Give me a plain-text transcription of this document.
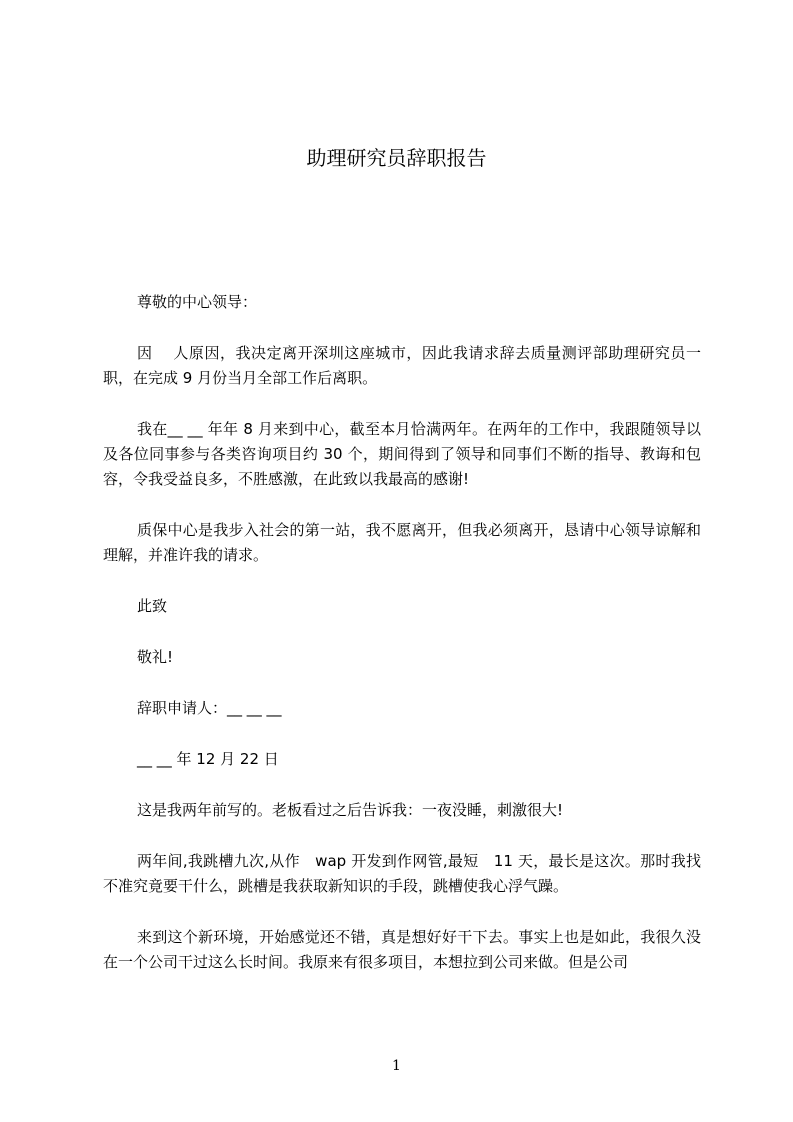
助理研究员辞职报告

尊敬的中心领导：

因　 人原因，我决定离开深圳这座城市，因此我请求辞去质量测评部助理研究员一职，在完成 9 月份当月全部工作后离职。

我在__ __ 年年 8 月来到中心，截至本月恰满两年。在两年的工作中，我跟随领导以及各位同事参与各类咨询项目约 30 个，期间得到了领导和同事们不断的指导、教诲和包容，令我受益良多，不胜感激，在此致以我最高的感谢!

质保中心是我步入社会的第一站，我不愿离开，但我必须离开，恳请中心领导谅解和理解，并准许我的请求。

此致

敬礼!

辞职申请人：__ __ __

__ __ 年 12 月 22 日

这是我两年前写的。老板看过之后告诉我：一夜没睡，刺激很大!

两年间,我跳槽九次,从作　wap 开发到作网管,最短　11 天，最长是这次。那时我找不准究竟要干什么，跳槽是我获取新知识的手段，跳槽使我心浮气躁。

来到这个新环境，开始感觉还不错，真是想好好干下去。事实上也是如此，我很久没在一个公司干过这么长时间。我原来有很多项目，本想拉到公司来做。但是公司

1
